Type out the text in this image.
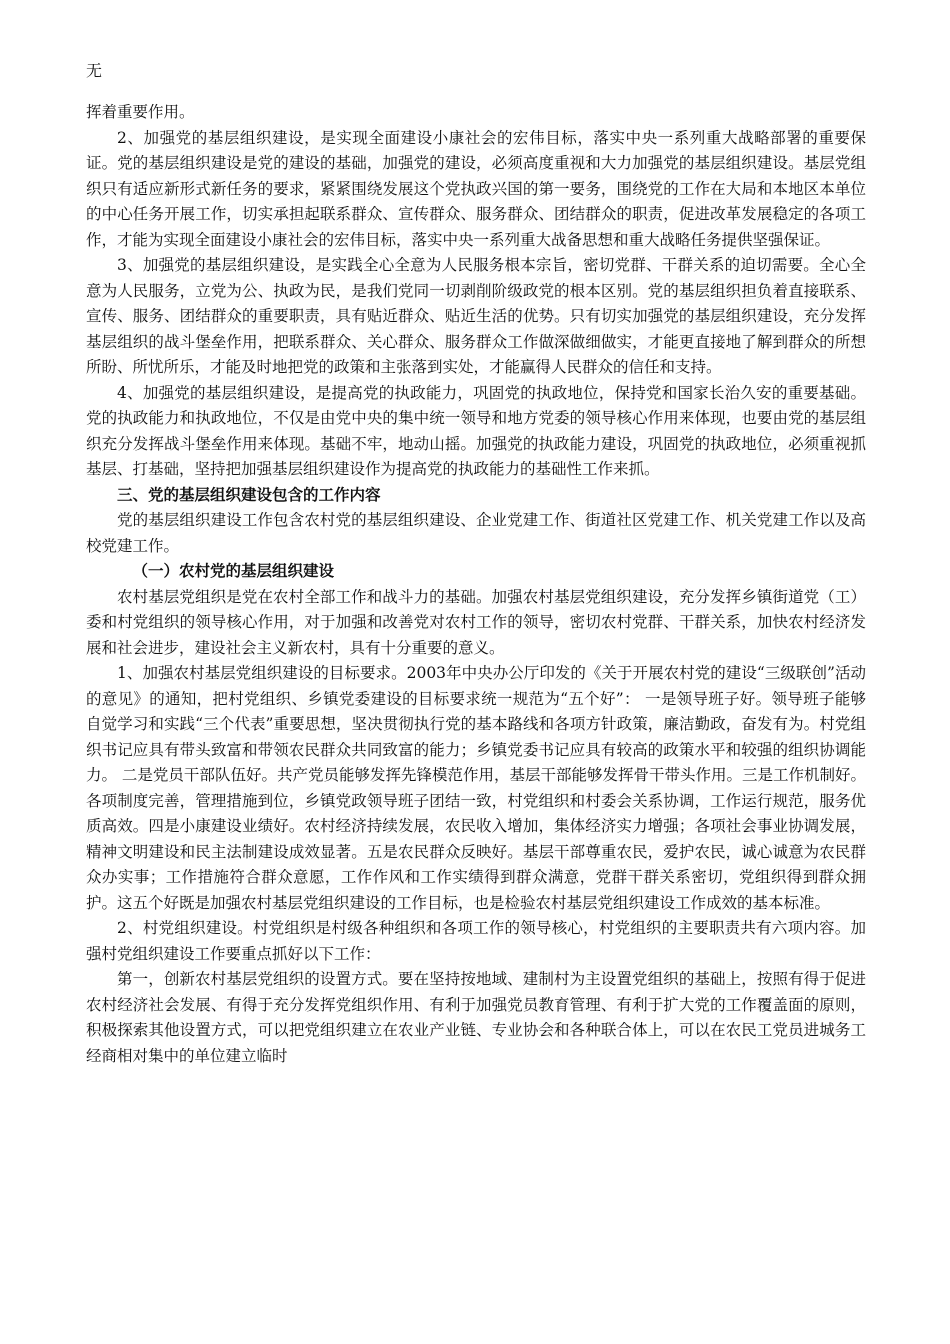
无

挥着重要作用。

2、加强党的基层组织建设，是实现全面建设小康社会的宏伟目标，落实中央一系列重大战略部署的重要保证。党的基层组织建设是党的建设的基础，加强党的建设，必须高度重视和大力加强党的基层组织建设。基层党组织只有适应新形式新任务的要求，紧紧围绕发展这个党执政兴国的第一要务，围绕党的工作在大局和本地区本单位的中心任务开展工作，切实承担起联系群众、宣传群众、服务群众、团结群众的职责，促进改革发展稳定的各项工作，才能为实现全面建设小康社会的宏伟目标，落实中央一系列重大战备思想和重大战略任务提供坚强保证。

3、加强党的基层组织建设，是实践全心全意为人民服务根本宗旨，密切党群、干群关系的迫切需要。全心全意为人民服务，立党为公、执政为民，是我们党同一切剥削阶级政党的根本区别。党的基层组织担负着直接联系、宣传、服务、团结群众的重要职责，具有贴近群众、贴近生活的优势。只有切实加强党的基层组织建设，充分发挥基层组织的战斗堡垒作用，把联系群众、关心群众、服务群众工作做深做细做实，才能更直接地了解到群众的所想所盼、所忧所乐，才能及时地把党的政策和主张落到实处，才能赢得人民群众的信任和支持。

4、加强党的基层组织建设，是提高党的执政能力，巩固党的执政地位，保持党和国家长治久安的重要基础。党的执政能力和执政地位，不仅是由党中央的集中统一领导和地方党委的领导核心作用来体现，也要由党的基层组织充分发挥战斗堡垒作用来体现。基础不牢，地动山摇。加强党的执政能力建设，巩固党的执政地位，必须重视抓基层、打基础，坚持把加强基层组织建设作为提高党的执政能力的基础性工作来抓。

三、党的基层组织建设包含的工作内容

党的基层组织建设工作包含农村党的基层组织建设、企业党建工作、街道社区党建工作、机关党建工作以及高校党建工作。

（一）农村党的基层组织建设

农村基层党组织是党在农村全部工作和战斗力的基础。加强农村基层党组织建设，充分发挥乡镇街道党（工）委和村党组织的领导核心作用，对于加强和改善党对农村工作的领导，密切农村党群、干群关系，加快农村经济发展和社会进步，建设社会主义新农村，具有十分重要的意义。

1、加强农村基层党组织建设的目标要求。2003年中央办公厅印发的《关于开展农村党的建设“三级联创”活动的意见》的通知，把村党组织、乡镇党委建设的目标要求统一规范为“五个好”： 一是领导班子好。领导班子能够自觉学习和实践“三个代表”重要思想，坚决贯彻执行党的基本路线和各项方针政策，廉洁勤政，奋发有为。村党组织书记应具有带头致富和带领农民群众共同致富的能力；乡镇党委书记应具有较高的政策水平和较强的组织协调能力。 二是党员干部队伍好。共产党员能够发挥先锋模范作用，基层干部能够发挥骨干带头作用。三是工作机制好。各项制度完善，管理措施到位，乡镇党政领导班子团结一致，村党组织和村委会关系协调，工作运行规范，服务优质高效。四是小康建设业绩好。农村经济持续发展，农民收入增加，集体经济实力增强；各项社会事业协调发展，精神文明建设和民主法制建设成效显著。五是农民群众反映好。基层干部尊重农民，爱护农民，诚心诚意为农民群众办实事；工作措施符合群众意愿，工作作风和工作实绩得到群众满意，党群干群关系密切，党组织得到群众拥护。这五个好既是加强农村基层党组织建设的工作目标，也是检验农村基层党组织建设工作成效的基本标准。

2、村党组织建设。村党组织是村级各种组织和各项工作的领导核心，村党组织的主要职责共有六项内容。加强村党组织建设工作要重点抓好以下工作：

第一，创新农村基层党组织的设置方式。要在坚持按地域、建制村为主设置党组织的基础上，按照有得于促进农村经济社会发展、有得于充分发挥党组织作用、有利于加强党员教育管理、有利于扩大党的工作覆盖面的原则，积极探索其他设置方式，可以把党组织建立在农业产业链、专业协会和各种联合体上，可以在农民工党员进城务工经商相对集中的单位建立临时
